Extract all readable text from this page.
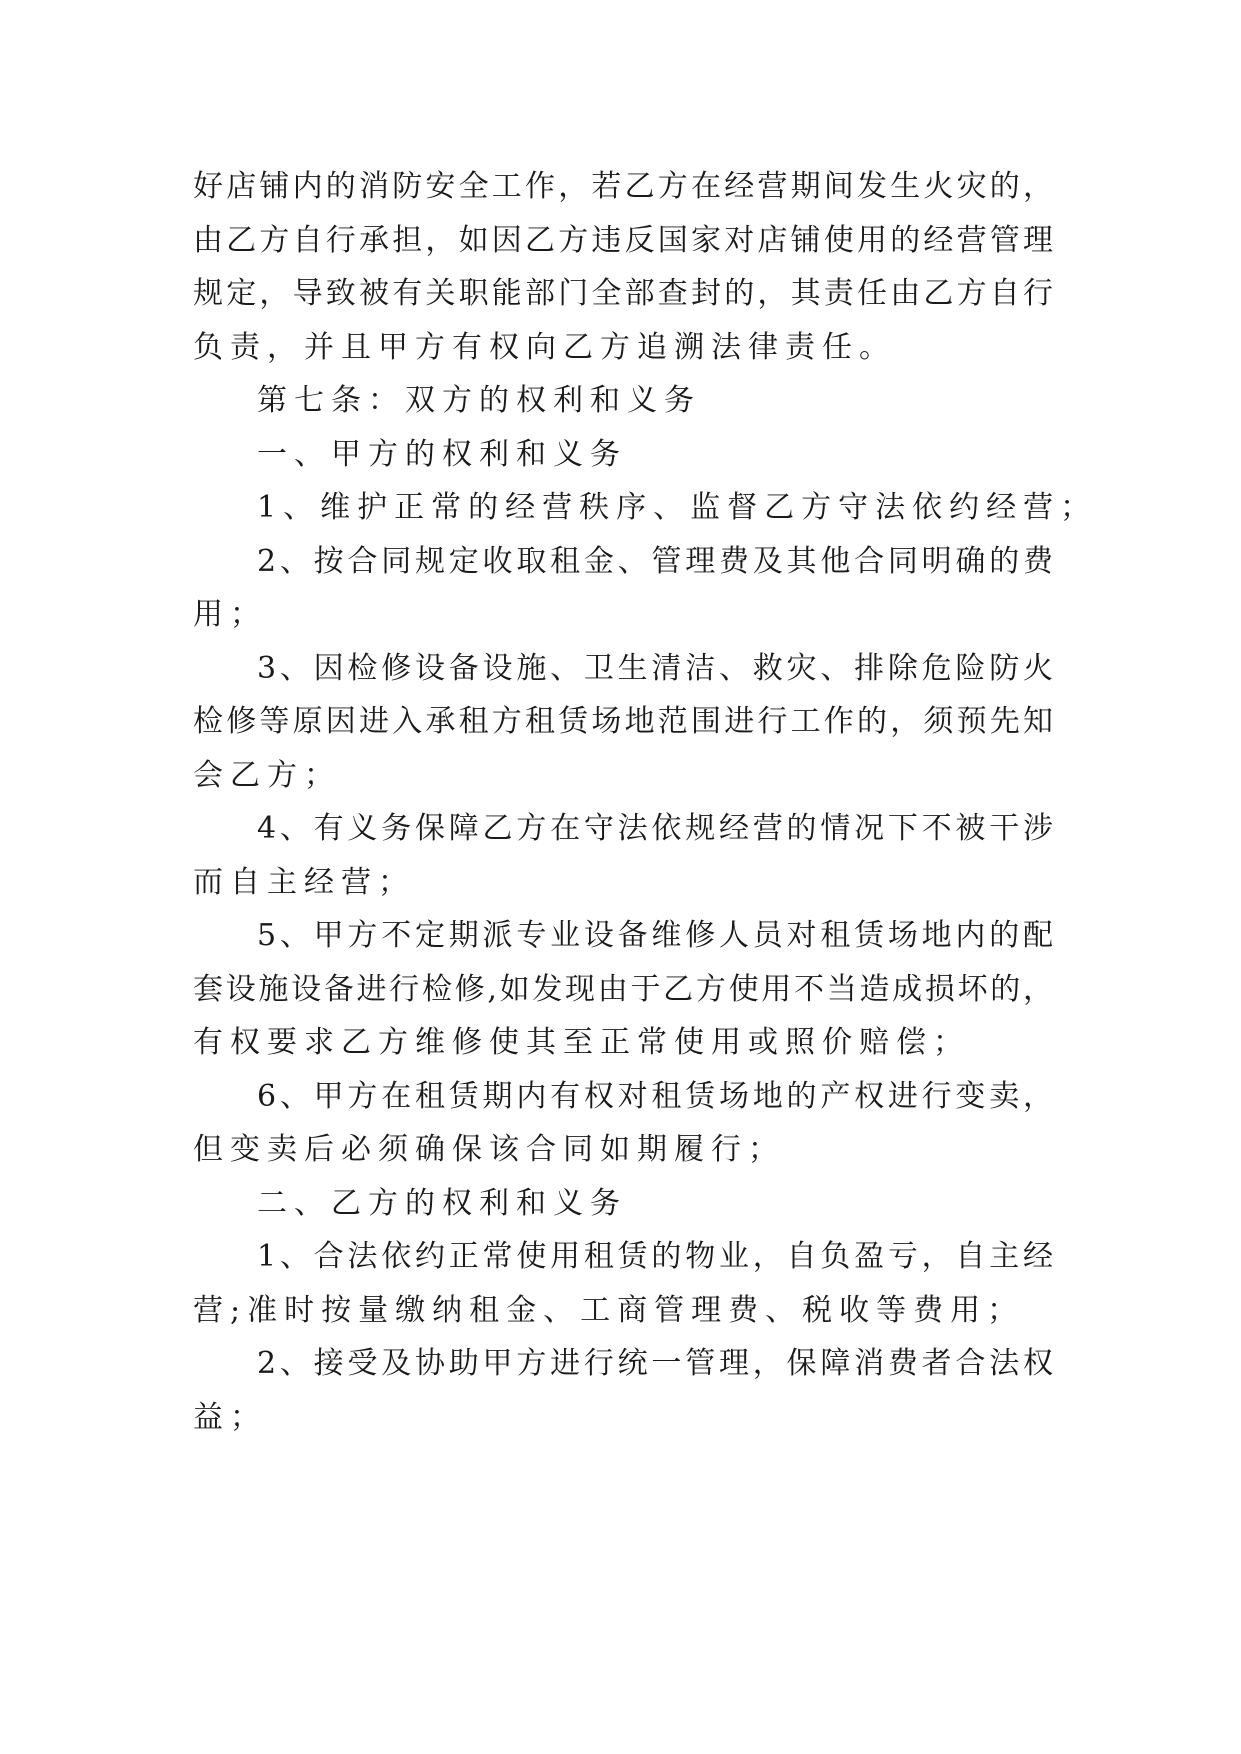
好店铺内的消防安全工作，若乙方在经营期间发生火灾的，
由乙方自行承担，如因乙方违反国家对店铺使用的经营管理
规定，导致被有关职能部门全部查封的，其责任由乙方自行
负责，并且甲方有权向乙方追溯法律责任。
第七条：双方的权利和义务
一、甲方的权利和义务
1、维护正常的经营秩序、监督乙方守法依约经营；
2、按合同规定收取租金、管理费及其他合同明确的费
用；
3、因检修设备设施、卫生清洁、救灾、排除危险防火
检修等原因进入承租方租赁场地范围进行工作的，须预先知
会乙方；
4、有义务保障乙方在守法依规经营的情况下不被干涉
而自主经营；
5、甲方不定期派专业设备维修人员对租赁场地内的配
套设施设备进行检修,如发现由于乙方使用不当造成损坏的，
有权要求乙方维修使其至正常使用或照价赔偿；
6、甲方在租赁期内有权对租赁场地的产权进行变卖，
但变卖后必须确保该合同如期履行；
二、乙方的权利和义务
1、合法依约正常使用租赁的物业，自负盈亏，自主经
营;准时按量缴纳租金、工商管理费、税收等费用；
2、接受及协助甲方进行统一管理，保障消费者合法权
益；
